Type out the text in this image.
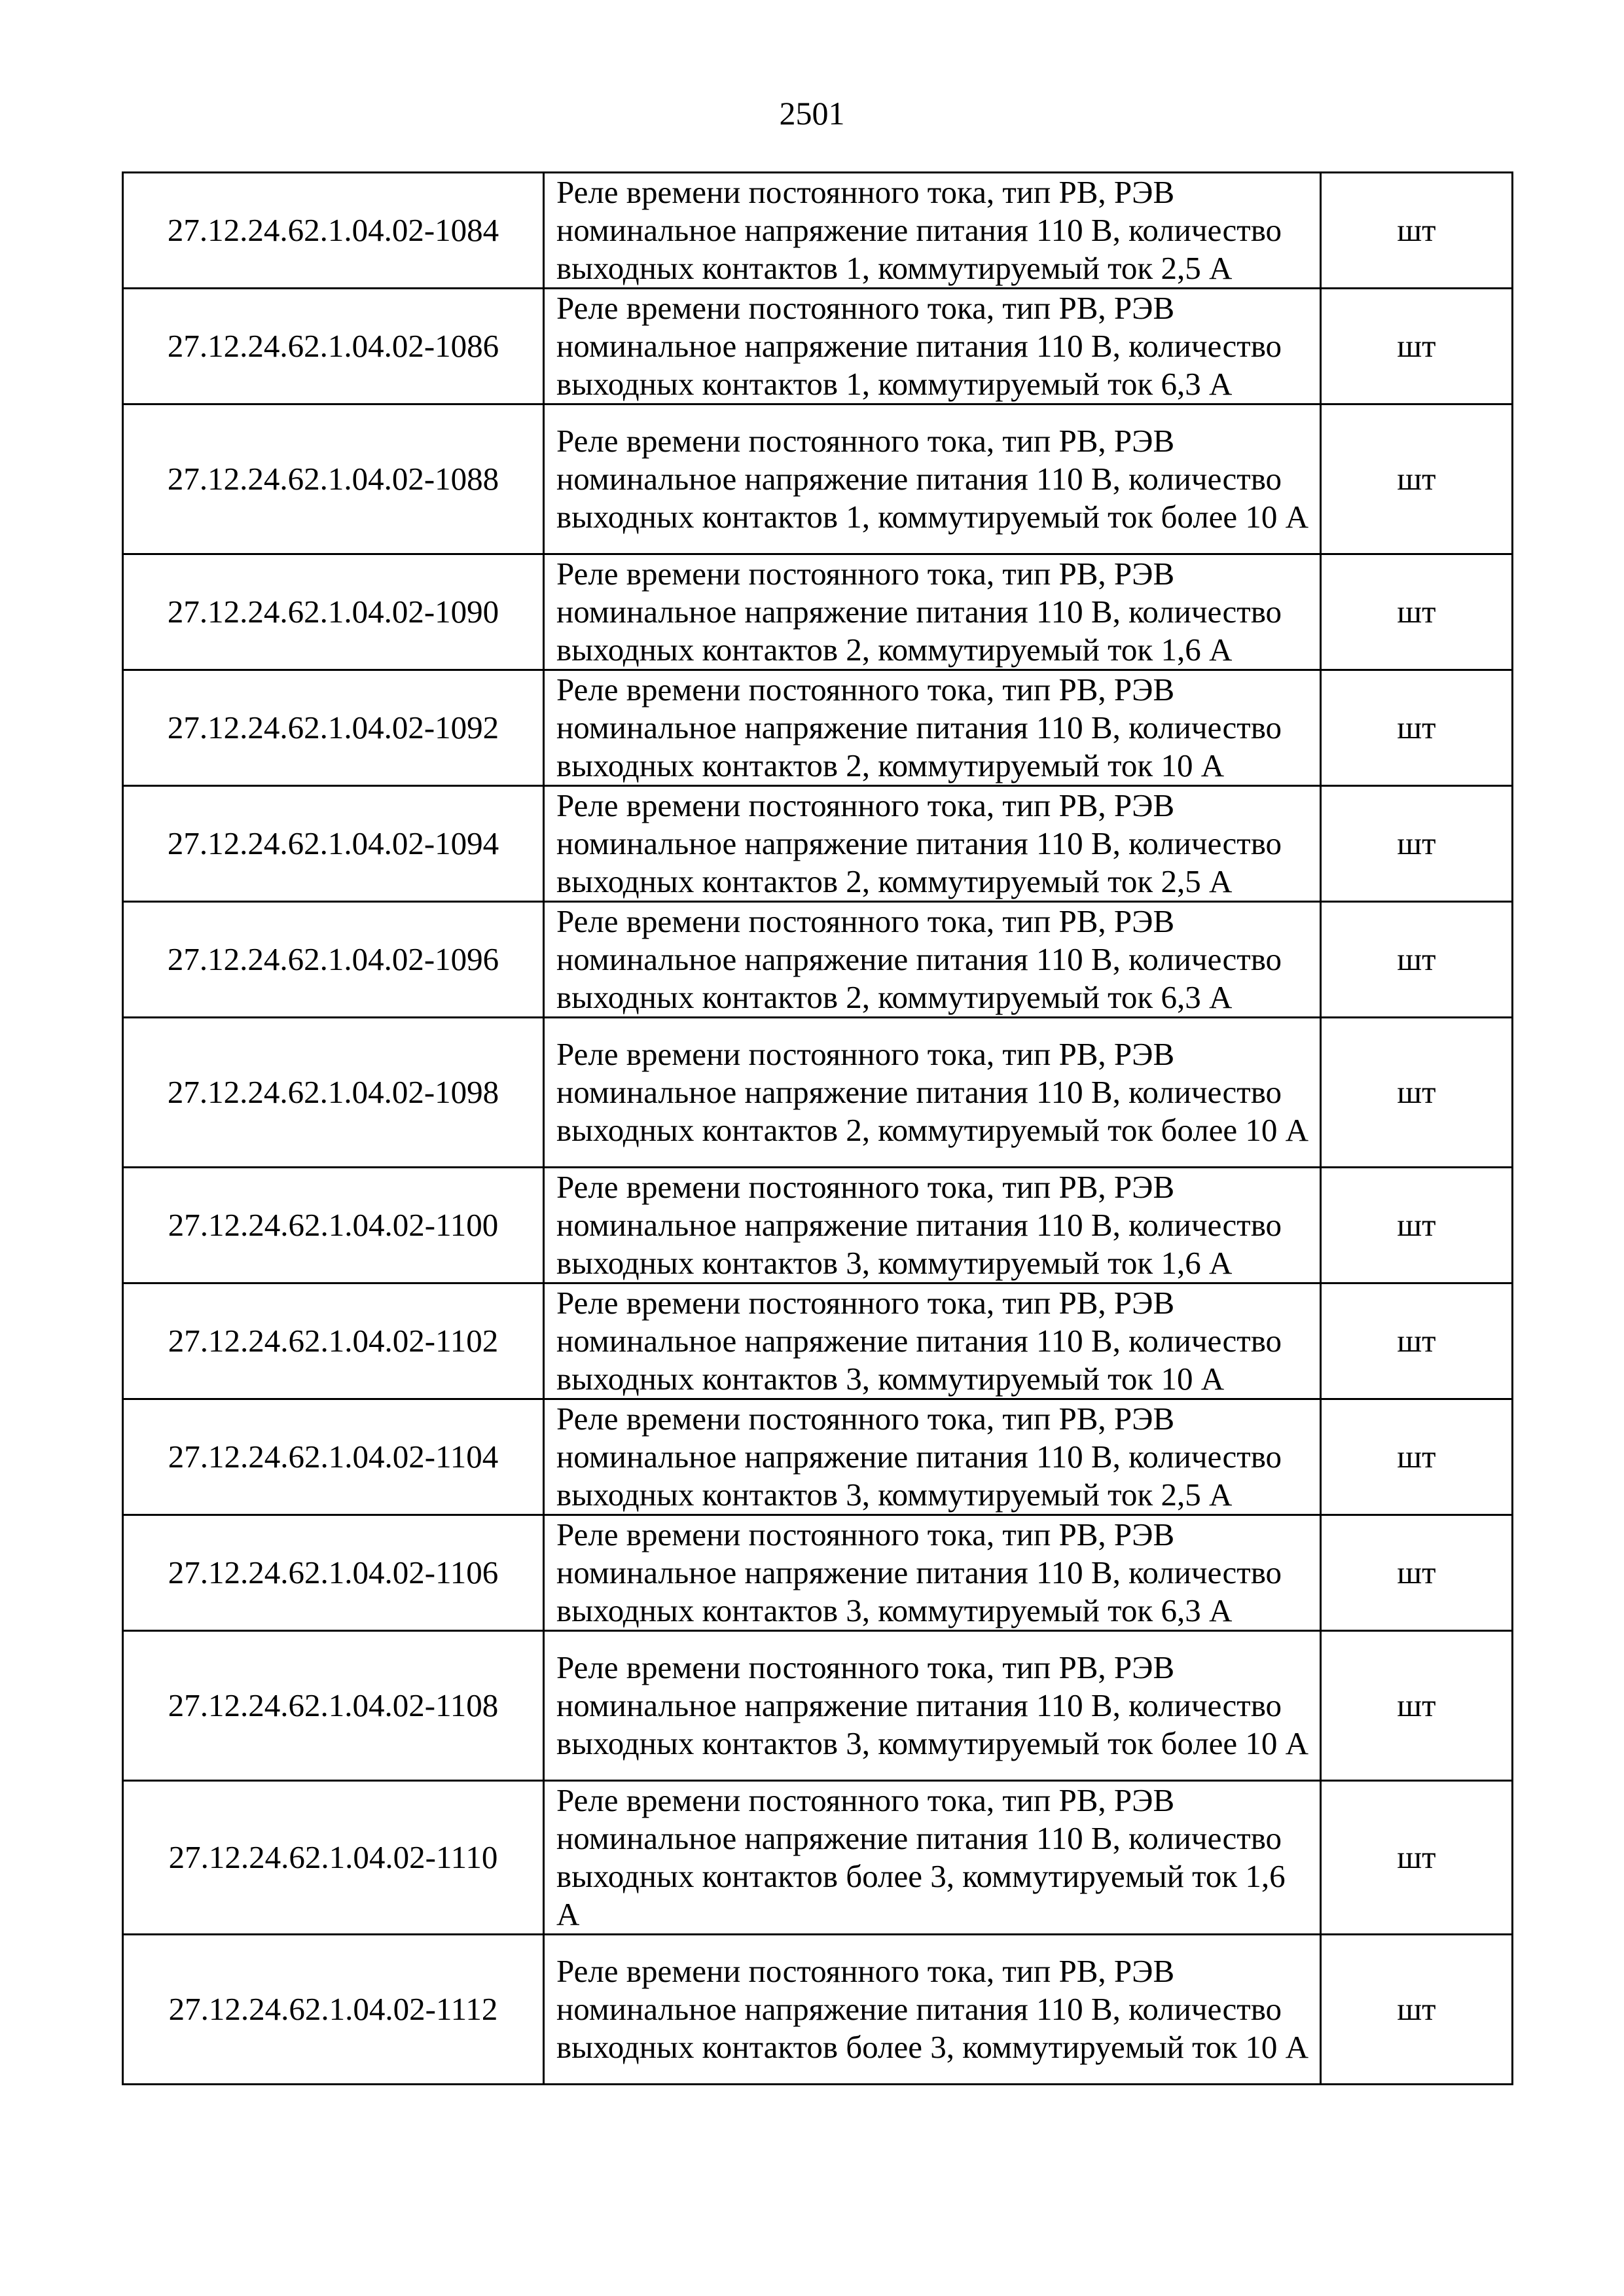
2501
27.12.24.62.1.04.02-1084	Реле времени постоянного тока, тип РВ, РЭВ номинальное напряжение питания 110 В, количество выходных контактов 1, коммутируемый ток 2,5 А	шт
27.12.24.62.1.04.02-1086	Реле времени постоянного тока, тип РВ, РЭВ номинальное напряжение питания 110 В, количество выходных контактов 1, коммутируемый ток 6,3 А	шт
27.12.24.62.1.04.02-1088	Реле времени постоянного тока, тип РВ, РЭВ номинальное напряжение питания 110 В, количество выходных контактов 1, коммутируемый ток более 10 А	шт
27.12.24.62.1.04.02-1090	Реле времени постоянного тока, тип РВ, РЭВ номинальное напряжение питания 110 В, количество выходных контактов 2, коммутируемый ток 1,6 А	шт
27.12.24.62.1.04.02-1092	Реле времени постоянного тока, тип РВ, РЭВ номинальное напряжение питания 110 В, количество выходных контактов 2, коммутируемый ток 10 А	шт
27.12.24.62.1.04.02-1094	Реле времени постоянного тока, тип РВ, РЭВ номинальное напряжение питания 110 В, количество выходных контактов 2, коммутируемый ток 2,5 А	шт
27.12.24.62.1.04.02-1096	Реле времени постоянного тока, тип РВ, РЭВ номинальное напряжение питания 110 В, количество выходных контактов 2, коммутируемый ток 6,3 А	шт
27.12.24.62.1.04.02-1098	Реле времени постоянного тока, тип РВ, РЭВ номинальное напряжение питания 110 В, количество выходных контактов 2, коммутируемый ток более 10 А	шт
27.12.24.62.1.04.02-1100	Реле времени постоянного тока, тип РВ, РЭВ номинальное напряжение питания 110 В, количество выходных контактов 3, коммутируемый ток 1,6 А	шт
27.12.24.62.1.04.02-1102	Реле времени постоянного тока, тип РВ, РЭВ номинальное напряжение питания 110 В, количество выходных контактов 3, коммутируемый ток 10 А	шт
27.12.24.62.1.04.02-1104	Реле времени постоянного тока, тип РВ, РЭВ номинальное напряжение питания 110 В, количество выходных контактов 3, коммутируемый ток 2,5 А	шт
27.12.24.62.1.04.02-1106	Реле времени постоянного тока, тип РВ, РЭВ номинальное напряжение питания 110 В, количество выходных контактов 3, коммутируемый ток 6,3 А	шт
27.12.24.62.1.04.02-1108	Реле времени постоянного тока, тип РВ, РЭВ номинальное напряжение питания 110 В, количество выходных контактов 3, коммутируемый ток более 10 А	шт
27.12.24.62.1.04.02-1110	Реле времени постоянного тока, тип РВ, РЭВ номинальное напряжение питания 110 В, количество выходных контактов более 3, коммутируемый ток 1,6 А	шт
27.12.24.62.1.04.02-1112	Реле времени постоянного тока, тип РВ, РЭВ номинальное напряжение питания 110 В, количество выходных контактов более 3, коммутируемый ток 10 А	шт
